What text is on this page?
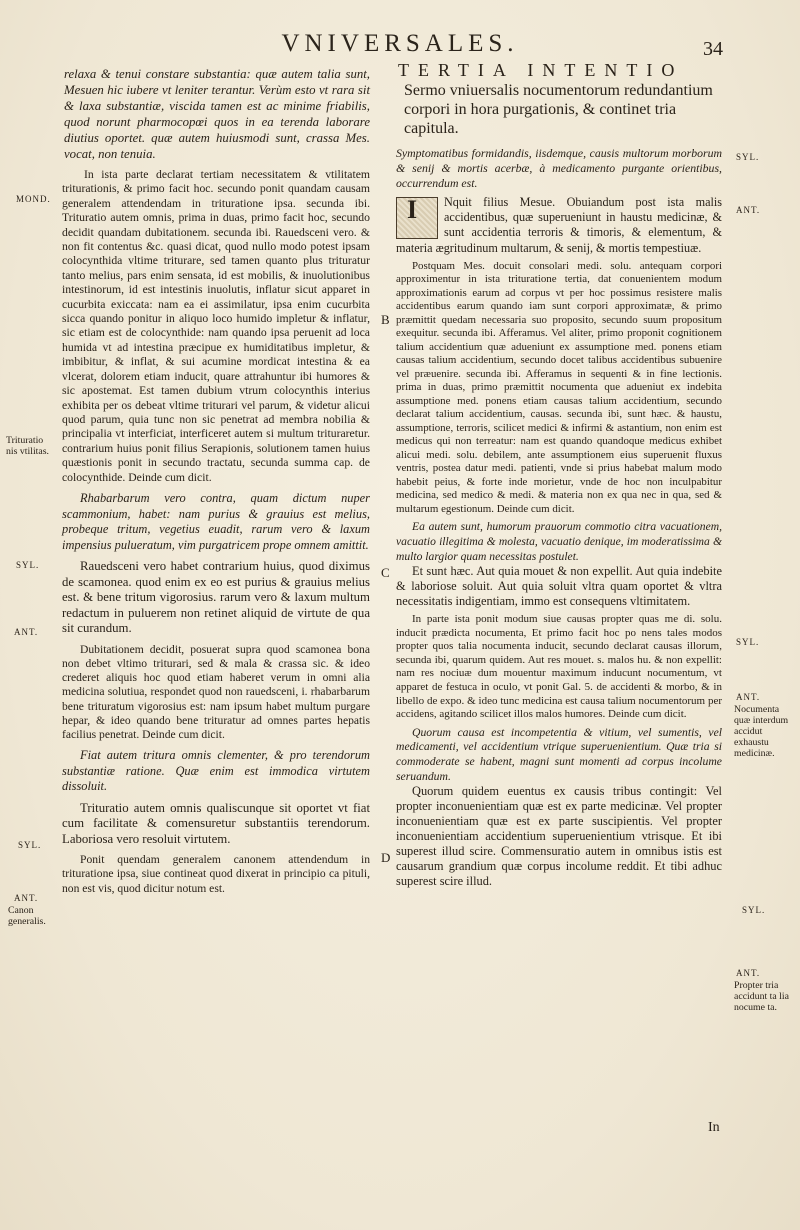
VNIVERSALES.	34

relaxa & tenui constare substantia: quæ autem talia sunt, Mesuen hic iubere vt leniter terantur. Verùm esto vt rara sit & laxa substantiæ, viscida tamen est ac minime friabilis, quod norunt pharmocopœi quos in ea terenda laborare diutius oportet. quæ autem huiusmodi sunt, crassa Mes. vocat, non tenuia.

In ista parte declarat tertiam necessitatem & vtilitatem triturationis, & primo facit hoc. secundo ponit quandam causam generalem attendendam in trituratione ipsa. secunda ibi. Trituratio autem omnis, prima in duas, primo facit hoc, secundo decidit quandam dubitationem. secunda ibi. Rauedsceni vero. & non fit contentus &c. quasi dicat, quod nullo modo potest ipsam colocynthida vltime triturare, sed tamen quanto plus trituratur tanto melius, pars enim sensata, id est mobilis, & inuolutionibus intestinorum, id est intestinis inuolutis, inflatur sicut apparet in cucurbita exiccata: nam ea ei assimilatur, ipsa enim cucurbita sicca quando ponitur in aliquo loco humido impletur & inflatur, sic etiam est de colocynthide: nam quando ipsa peruenit ad loca humida vt ad intestina præcipue ex humiditatibus impletur, & imbibitur, & inflat, & sui acumine mordicat intestina & ea vlcerat, dolorem etiam inducit, quare attrahuntur ibi humores & sic apostemat. Est tamen dubium vtrum colocynthis interius exhibita per os debeat vltime triturari vel parum, & videtur alicui quod parum, quia tunc non sic penetrat ad membra nobilia & principalia vt interficiat, interficeret autem si multum trituraretur. contrarium huius ponit filius Serapionis, solutionem tamen huius quæstionis ponit in secundo tractatu, secunda summa cap. de colocynthide. Deinde cum dicit.

Rhabarbarum vero contra, quam dictum nuper scammonium, habet: nam purius & grauius est melius, probeque tritum, vegetius euadit, rarum vero & laxum impensius pulueratum, vim purgatricem prope omnem amittit.

Rauedsceni vero habet contrarium huius, quod diximus de scamonea. quod enim ex eo est purius & grauius melius est. & bene tritum vigorosius. rarum vero & laxum multum redactum in puluerem non retinet aliquid de virtute de qua sit curandum.

Dubitationem decidit, posuerat supra quod scamonea bona non debet vltimo triturari, sed & mala & crassa sic. & ideo crederet aliquis hoc quod etiam haberet verum in omni alia medicina solutiua, respondet quod non rauedsceni, i. rhabarbarum bene trituratum vigorosius est: nam ipsum habet multum purgare hepar, & ideo quando bene trituratur ad omnes partes hepatis facilius penetrat. Deinde cum dicit.

Fiat autem tritura omnis clementer, & pro terendorum substantiæ ratione. Quæ enim est immodica virtutem dissoluit.

Trituratio autem omnis qualiscunque sit oportet vt fiat cum facilitate & comensuretur substantiis terendorum. Laboriosa vero resoluit virtutem.

Ponit quendam generalem canonem attendendum in trituratione ipsa, siue contineat quod dixerat in principio ca pituli, non est vis, quod dicitur notum est.

MOND.
Trituratio nis vtilitas.
SYL.
ANT.
SYL.
ANT.
Canon generalis.
B
C
D
TERTIA INTENTIO
Sermo vniuersalis nocumentorum redundantium corpori in hora purgationis, & continet tria capitula.

Symptomatibus formidandis, iisdemque, causis multorum morborum & senij & mortis acerbæ, à medicamento purgante orientibus, occurrendum est.

I Nquit filius Mesue. Obuiandum post ista malis accidentibus, quæ superueniunt in haustu medicinæ, & sunt accidentia terroris & timoris, & elementum, & materia ægritudinum multarum, & senij, & mortis tempestiuæ.

Postquam Mes. docuit consolari medi. solu. antequam corpori approximentur in ista trituratione tertia, dat conuenientem modum approximationis earum ad corpus vt per hoc possimus resistere malis accidentibus earum quando iam sunt corpori approximatæ, & primo præmittit quedam necessaria suo proposito, secundo suum propositum exequitur. secunda ibi. Afferamus. Vel aliter, primo proponit cognitionem talium accidentium quæ adueniunt ex assumptione med. ponens etiam causas talium accidentium, secundo docet talibus accidentibus subuenire vel præuenire. secunda ibi. Afferamus in sequenti & in fine lectionis. prima in duas, primo præmittit nocumenta que adueniut ex indebita assumptione med. ponens etiam causas talium accidentium, secundo declarat talium accidentium, causas. secunda ibi, sunt hæc. & haustu, assumptione, terroris, scilicet medici & infirmi & astantium, non enim est medicus qui non terreatur: nam est quando quandoque medicus exhibet alicui medi. solu. debilem, ante assumptionem eius superuenit fluxus ventris, postea datur medi. patienti, vnde si prius habebat malum modo habebit peius, & forte inde morietur, vnde de hoc non inculpabitur medicina, sed medico & medi. & materia non ex qua nec in qua, sed & multarum egestionum. Deinde cum dicit.

Ea autem sunt, humorum prauorum commotio citra vacuationem, vacuatio illegitima & molesta, vacuatio denique, im moderatissima & multo largior quam necessitas postulet.

Et sunt hæc. Aut quia mouet & non expellit. Aut quia indebite & laboriose soluit. Aut quia soluit vltra quam oportet & vltra necessitatis indigentiam, immo est consequens vltimitatem.

In parte ista ponit modum siue causas propter quas me di. solu. inducit prædicta nocumenta, Et primo facit hoc po nens tales modos propter quos talia nocumenta inducit, secundo declarat causas illorum, secunda ibi, quarum quidem. Aut res mouet. s. malos hu. & non expellit: nam res nociuæ dum mouentur maximum inducunt nocumentum, vt apparet de festuca in oculo, vt ponit Gal. 5. de accidenti & morbo, & in libello de expo. & ideo tunc medicina est causa talium nocumentorum per accidens, agitando scilicet illos malos humores. Deinde cum dicit.

Quorum causa est incompetentia & vitium, vel sumentis, vel medicamenti, vel accidentium vtrique superuenientium. Quæ tria si commoderate se habent, magni sunt momenti ad corpus incolume seruandum.

Quorum quidem euentus ex causis tribus contingit: Vel propter inconuenientiam quæ est ex parte medicinæ. Vel propter inconuenientiam quæ est ex parte suscipientis. Vel propter inconuenientiam accidentium superuenientium vtrisque. Et ibi superest illud scire. Commensuratio autem in omnibus istis est causarum grandium quæ corpus incolume reddit. Et tibi adhuc superest scire illud.

SYL.
ANT.
SYL.
ANT.
Nocumenta quæ interdum accidut exhaustu medicinæ.
SYL.
ANT.
Propter tria accidunt ta lia nocume ta.
In
